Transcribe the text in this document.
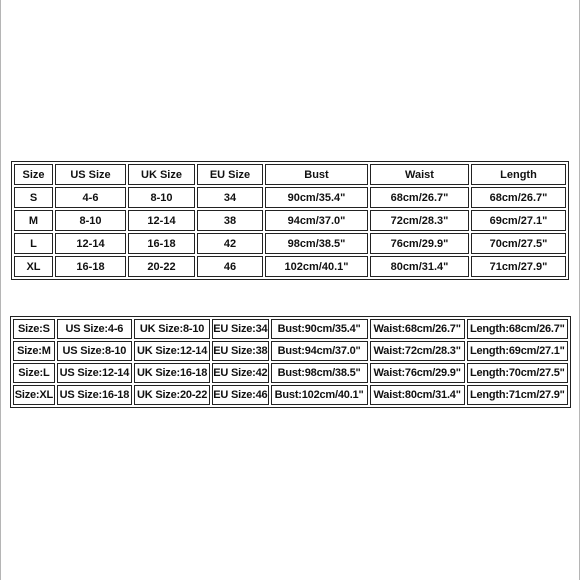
Size	US Size	UK Size	EU Size	Bust	Waist	Length
S	4-6	8-10	34	90cm/35.4"	68cm/26.7"	68cm/26.7"
M	8-10	12-14	38	94cm/37.0"	72cm/28.3"	69cm/27.1"
L	12-14	16-18	42	98cm/38.5"	76cm/29.9"	70cm/27.5"
XL	16-18	20-22	46	102cm/40.1"	80cm/31.4"	71cm/27.9"
Size:S	US Size:4-6	UK Size:8-10	EU Size:34	Bust:90cm/35.4"	Waist:68cm/26.7"	Length:68cm/26.7"
Size:M	US Size:8-10	UK Size:12-14	EU Size:38	Bust:94cm/37.0"	Waist:72cm/28.3"	Length:69cm/27.1"
Size:L	US Size:12-14	UK Size:16-18	EU Size:42	Bust:98cm/38.5"	Waist:76cm/29.9"	Length:70cm/27.5"
Size:XL	US Size:16-18	UK Size:20-22	EU Size:46	Bust:102cm/40.1"	Waist:80cm/31.4"	Length:71cm/27.9"
